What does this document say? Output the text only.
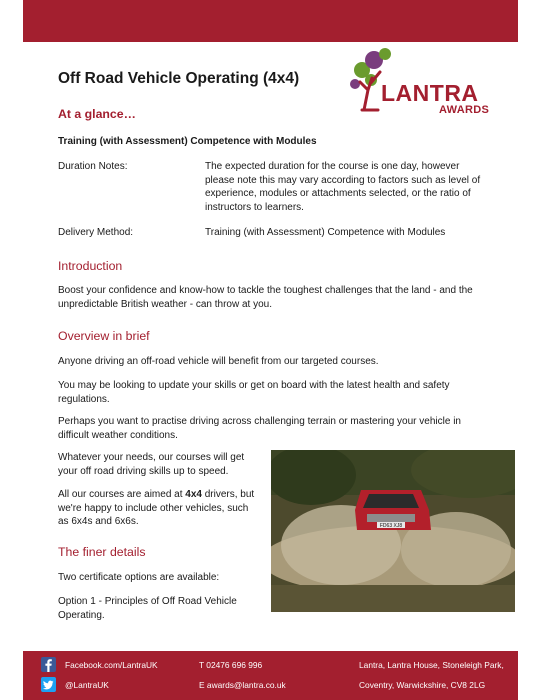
Off Road Vehicle Operating (4x4)
LANTRA
AWARDS
At a glance…
Training (with Assessment) Competence with Modules

Duration Notes:	The expected duration for the course is one day, however please note this may vary according to factors such as level of experience, modules or attachments selected, or the ratio of instructors to learners.

Delivery Method:	Training (with Assessment) Competence with Modules

Introduction

Boost your confidence and know-how to tackle the toughest challenges that the land - and the unpredictable British weather - can throw at you.

Overview in brief

Anyone driving an off-road vehicle will benefit from our targeted courses.

You may be looking to update your skills or get on board with the latest health and safety regulations.

Perhaps you want to practise driving across challenging terrain or mastering your vehicle in difficult weather conditions.

Whatever your needs, our courses will get your off road driving skills up to speed.

All our courses are aimed at 4x4 drivers, but we're happy to include other vehicles, such as 6x4s and 6x6s.

The finer details

Two certificate options are available:

Option 1 - Principles of Off Road Vehicle Operating.

FD63 XJ8
Facebook.com/LantraUK
@LantraUK
T 02476 696 996
E awards@lantra.co.uk
Lantra, Lantra House, Stoneleigh Park,
Coventry, Warwickshire, CV8 2LG
